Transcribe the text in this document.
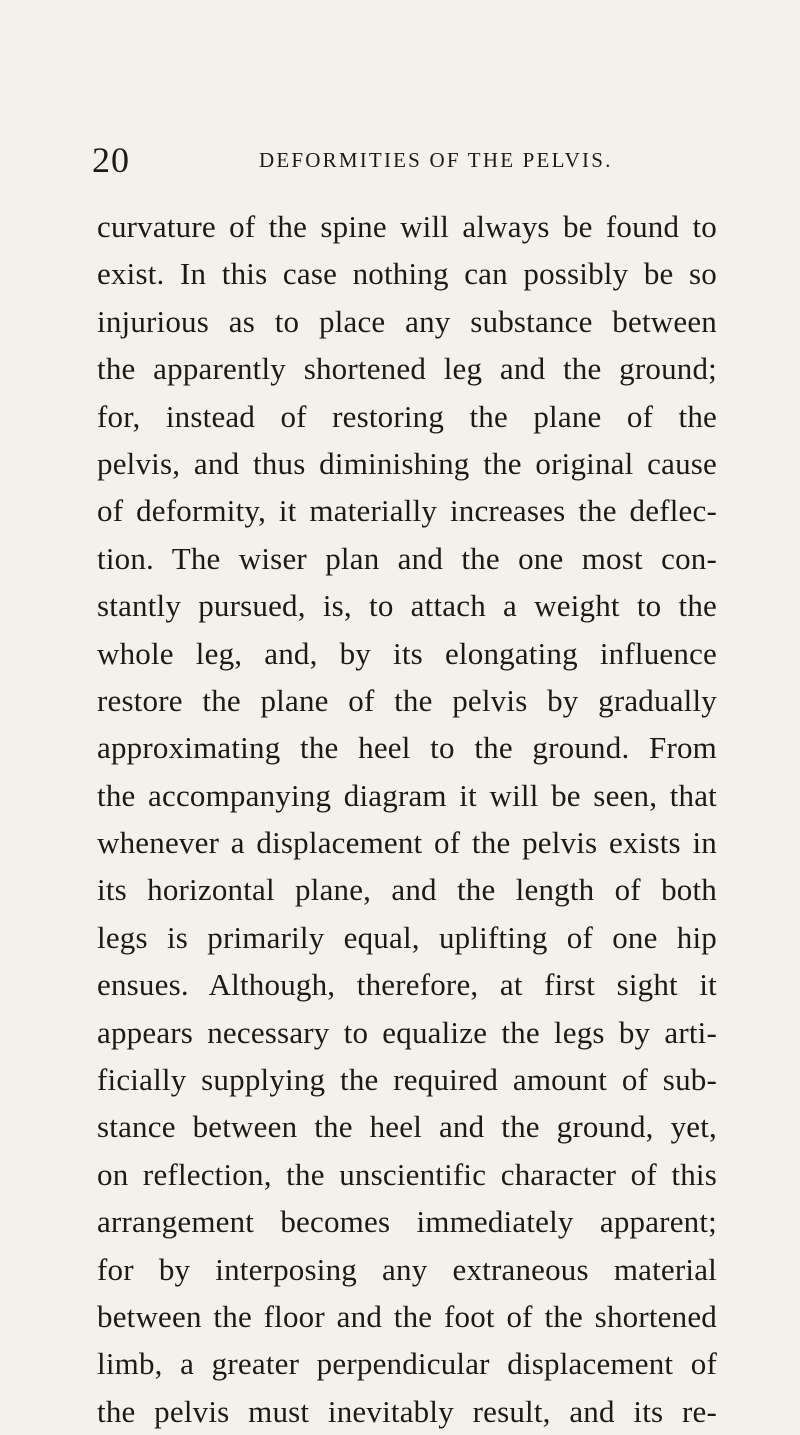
20	DEFORMITIES OF THE PELVIS.
curvature of the spine will always be found to
exist. In this case nothing can possibly be so
injurious as to place any substance between
the apparently shortened leg and the ground;
for, instead of restoring the plane of the
pelvis, and thus diminishing the original cause
of deformity, it materially increases the deflec-
tion. The wiser plan and the one most con-
stantly pursued, is, to attach a weight to the
whole leg, and, by its elongating influence
restore the plane of the pelvis by gradually
approximating the heel to the ground. From
the accompanying diagram it will be seen, that
whenever a displacement of the pelvis exists in
its horizontal plane, and the length of both
legs is primarily equal, uplifting of one hip
ensues. Although, therefore, at first sight it
appears necessary to equalize the legs by arti-
ficially supplying the required amount of sub-
stance between the heel and the ground, yet,
on reflection, the unscientific character of this
arrangement becomes immediately apparent;
for by interposing any extraneous material
between the floor and the foot of the shortened
limb, a greater perpendicular displacement of
the pelvis must inevitably result, and its re-
